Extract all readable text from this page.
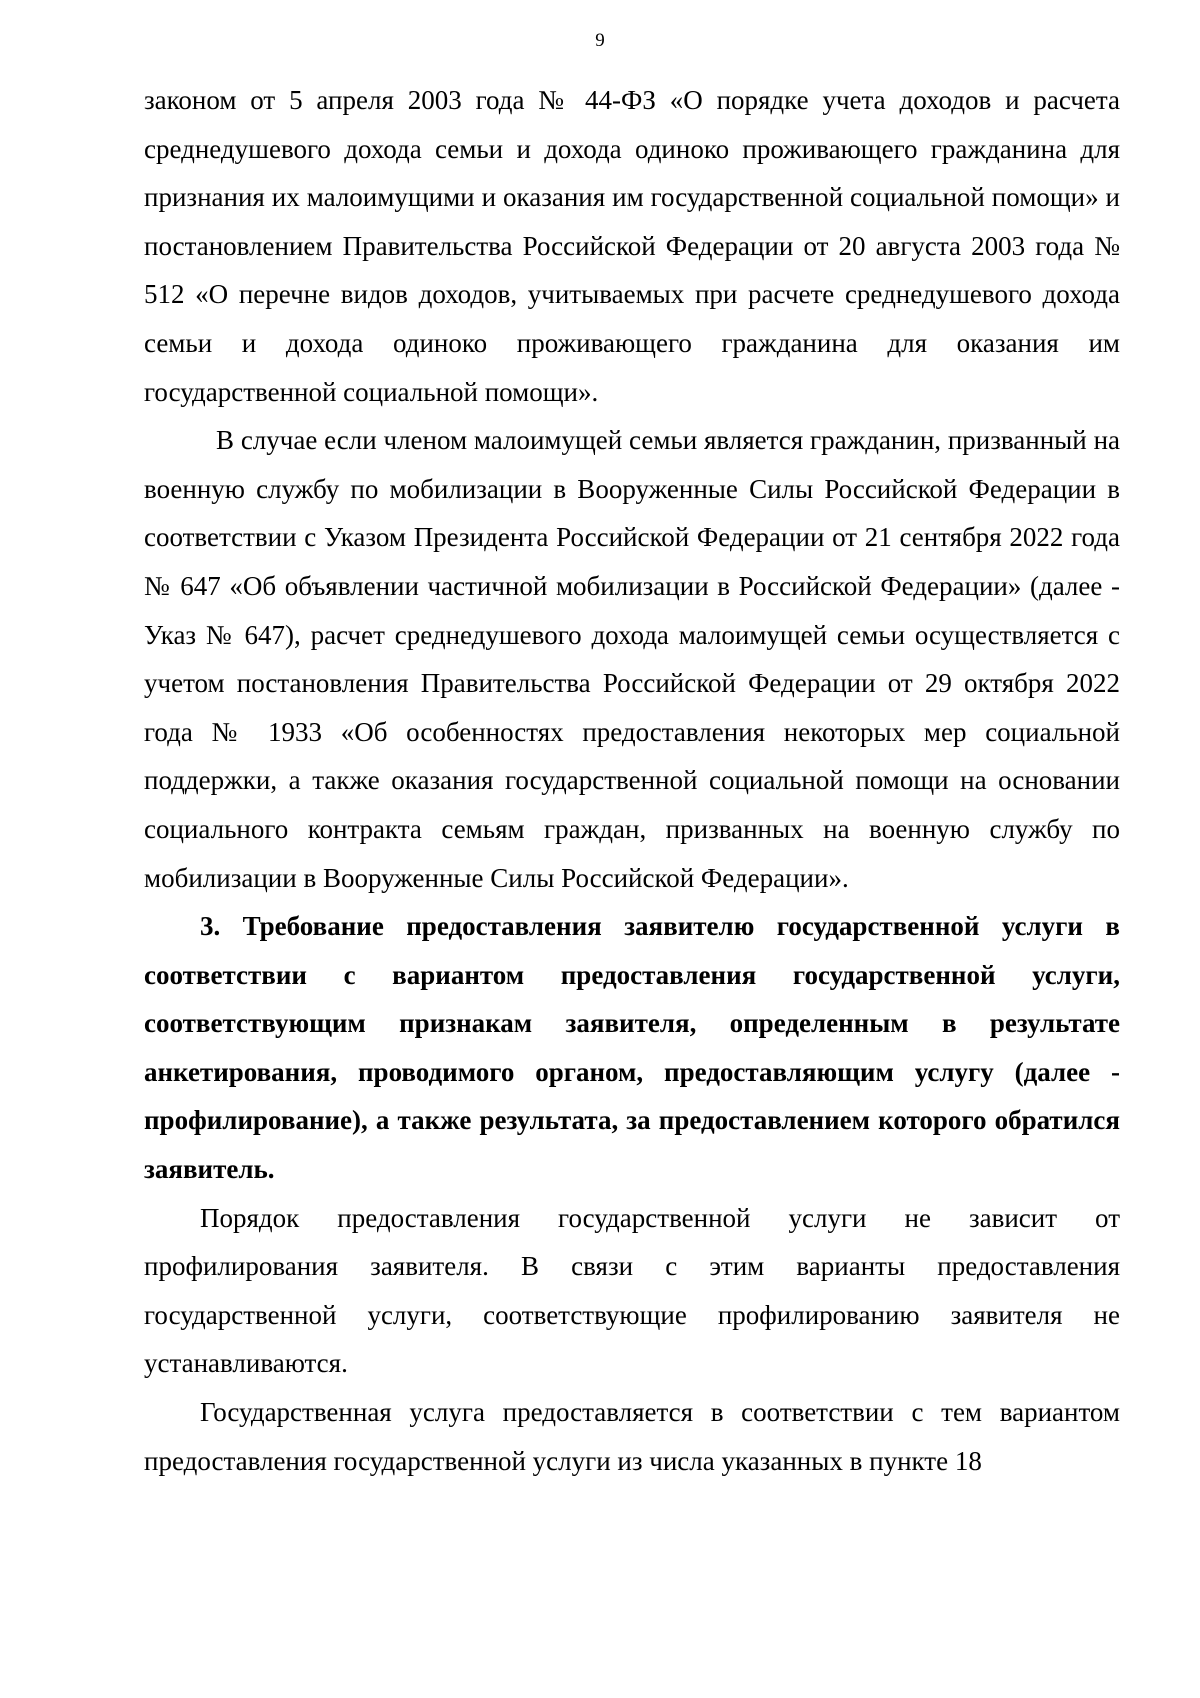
9

законом от 5 апреля 2003 года № 44-ФЗ «О порядке учета доходов и расчета среднедушевого дохода семьи и дохода одиноко проживающего гражданина для признания их малоимущими и оказания им государственной социальной помощи» и постановлением Правительства Российской Федерации от 20 августа 2003 года № 512 «О перечне видов доходов, учитываемых при расчете среднедушевого дохода семьи и дохода одиноко проживающего гражданина для оказания им государственной социальной помощи».

В случае если членом малоимущей семьи является гражданин, призванный на военную службу по мобилизации в Вооруженные Силы Российской Федерации в соответствии с Указом Президента Российской Федерации от 21 сентября 2022 года № 647 «Об объявлении частичной мобилизации в Российской Федерации» (далее - Указ № 647), расчет среднедушевого дохода малоимущей семьи осуществляется с учетом постановления Правительства Российской Федерации от 29 октября 2022 года № 1933 «Об особенностях предоставления некоторых мер социальной поддержки, а также оказания государственной социальной помощи на основании социального контракта семьям граждан, призванных на военную службу по мобилизации в Вооруженные Силы Российской Федерации».

3. Требование предоставления заявителю государственной услуги в соответствии с вариантом предоставления государственной услуги, соответствующим признакам заявителя, определенным в результате анкетирования, проводимого органом, предоставляющим услугу (далее - профилирование), а также результата, за предоставлением которого обратился заявитель.

Порядок предоставления государственной услуги не зависит от профилирования заявителя. В связи с этим варианты предоставления государственной услуги, соответствующие профилированию заявителя не устанавливаются.

Государственная услуга предоставляется в соответствии с тем вариантом предоставления государственной услуги из числа указанных в пункте 18
